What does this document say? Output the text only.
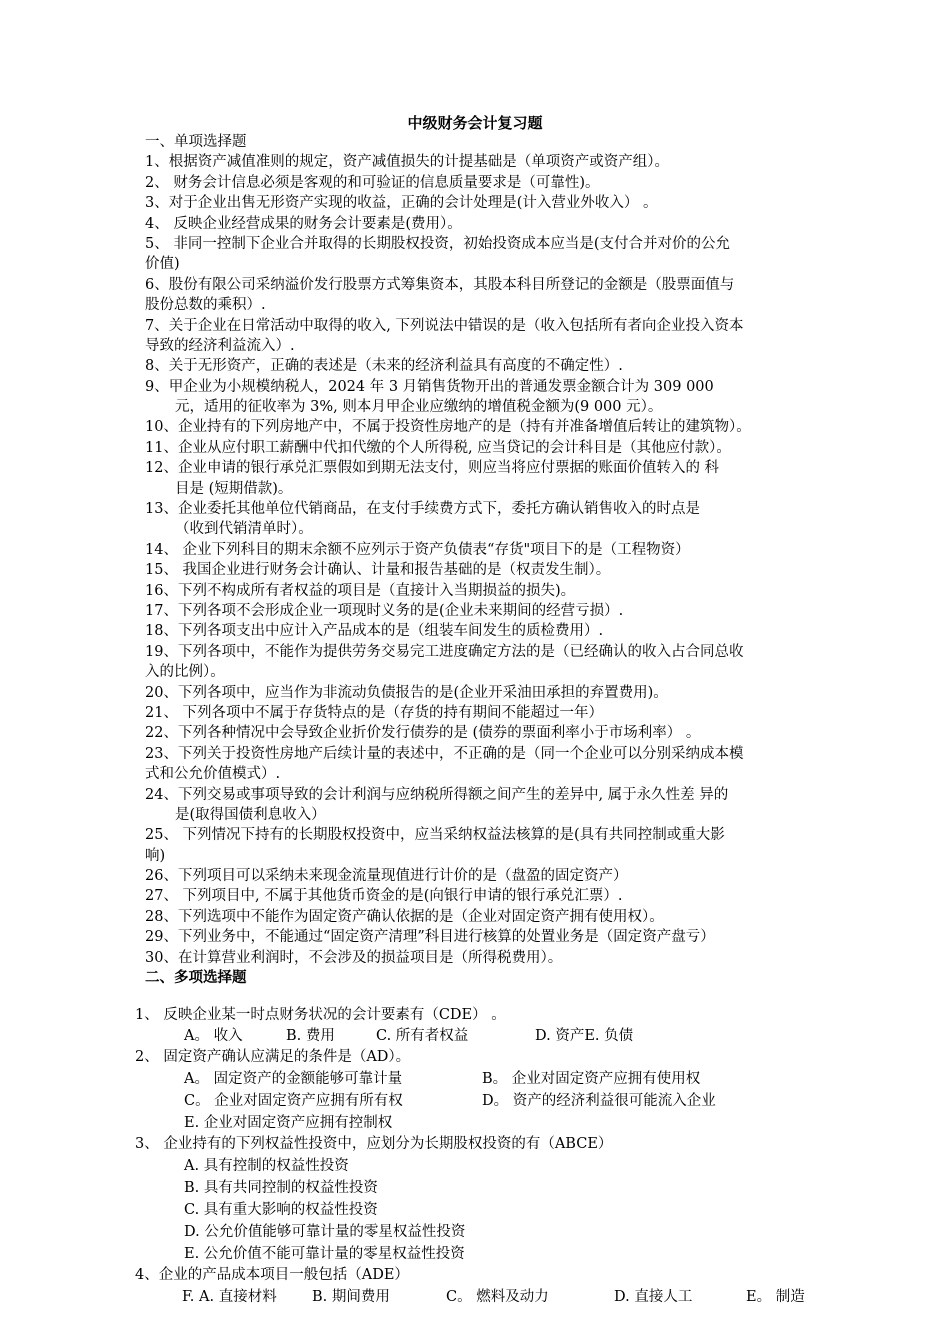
中级财务会计复习题
一、单项选择题
1、根据资产减值准则的规定，资产减值损失的计提基础是（单项资产或资产组）。
2、 财务会计信息必须是客观的和可验证的信息质量要求是（可靠性)。
3、对于企业出售无形资产实现的收益，正确的会计处理是(计入营业外收入） 。
4、 反映企业经营成果的财务会计要素是(费用）。
5、 非同一控制下企业合并取得的长期股权投资，初始投资成本应当是(支付合并对价的公允
价值)
6、股份有限公司采纳溢价发行股票方式筹集资本，其股本科目所登记的金额是（股票面值与
股份总数的乘积）.
7、关于企业在日常活动中取得的收入, 下列说法中错误的是（收入包括所有者向企业投入资本
导致的经济利益流入）.
8、关于无形资产，正确的表述是（未来的经济利益具有高度的不确定性）.
9、甲企业为小规模纳税人，2024 年 3 月销售货物开出的普通发票金额合计为 309 000
元，适用的征收率为 3%, 则本月甲企业应缴纳的增值税金额为(9 000 元）。
10、企业持有的下列房地产中，不属于投资性房地产的是（持有并准备增值后转让的建筑物）。
11、企业从应付职工薪酬中代扣代缴的个人所得税, 应当贷记的会计科目是（其他应付款）。
12、企业申请的银行承兑汇票假如到期无法支付，则应当将应付票据的账面价值转入的 科
目是 (短期借款)。
13、企业委托其他单位代销商品，在支付手续费方式下，委托方确认销售收入的时点是
（收到代销清单时）。
14、 企业下列科目的期末余额不应列示于资产负债表“存货"项目下的是（工程物资）
15、 我国企业进行财务会计确认、计量和报告基础的是（权责发生制）。
16、下列不构成所有者权益的项目是（直接计入当期损益的损失)。
17、下列各项不会形成企业一项现时义务的是(企业未来期间的经营亏损）.
18、下列各项支出中应计入产品成本的是（组装车间发生的质检费用）.
19、下列各项中，不能作为提供劳务交易完工进度确定方法的是（已经确认的收入占合同总收
入的比例）。
20、下列各项中，应当作为非流动负债报告的是(企业开采油田承担的弃置费用)。
21、 下列各项中不属于存货特点的是（存货的持有期间不能超过一年）
22、下列各种情况中会导致企业折价发行债券的是 (债券的票面利率小于市场利率） 。
23、下列关于投资性房地产后续计量的表述中，不正确的是（同一个企业可以分别采纳成本模
式和公允价值模式）.
24、下列交易或事项导致的会计利润与应纳税所得额之间产生的差异中, 属于永久性差 异的
是(取得国债利息收入）
25、 下列情况下持有的长期股权投资中，应当采纳权益法核算的是(具有共同控制或重大影
响)
26、下列项目可以采纳未来现金流量现值进行计价的是（盘盈的固定资产）
27、 下列项目中, 不属于其他货币资金的是(向银行申请的银行承兑汇票）.
28、下列选项中不能作为固定资产确认依据的是（企业对固定资产拥有使用权）。
29、下列业务中，不能通过“固定资产清理”科目进行核算的处置业务是（固定资产盘亏）
30、在计算营业利润时，不会涉及的损益项目是（所得税费用）。
二、多项选择题
1、 反映企业某一时点财务状况的会计要素有（CDE） 。
A。 收入	B. 费用	C. 所有者权益	D. 资产E. 负债
2、 固定资产确认应满足的条件是（AD）。
A。 固定资产的金额能够可靠计量	B。 企业对固定资产应拥有使用权
C。 企业对固定资产应拥有所有权	D。 资产的经济利益很可能流入企业
E. 企业对固定资产应拥有控制权
3、 企业持有的下列权益性投资中，应划分为长期股权投资的有（ABCE）
A. 具有控制的权益性投资
B. 具有共同控制的权益性投资
C. 具有重大影响的权益性投资
D. 公允价值能够可靠计量的零星权益性投资
E. 公允价值不能可靠计量的零星权益性投资
4、企业的产品成本项目一般包括（ADE）
F. A. 直接材料 B. 期间费用	C。 燃料及动力	D. 直接人工	E。 制造
